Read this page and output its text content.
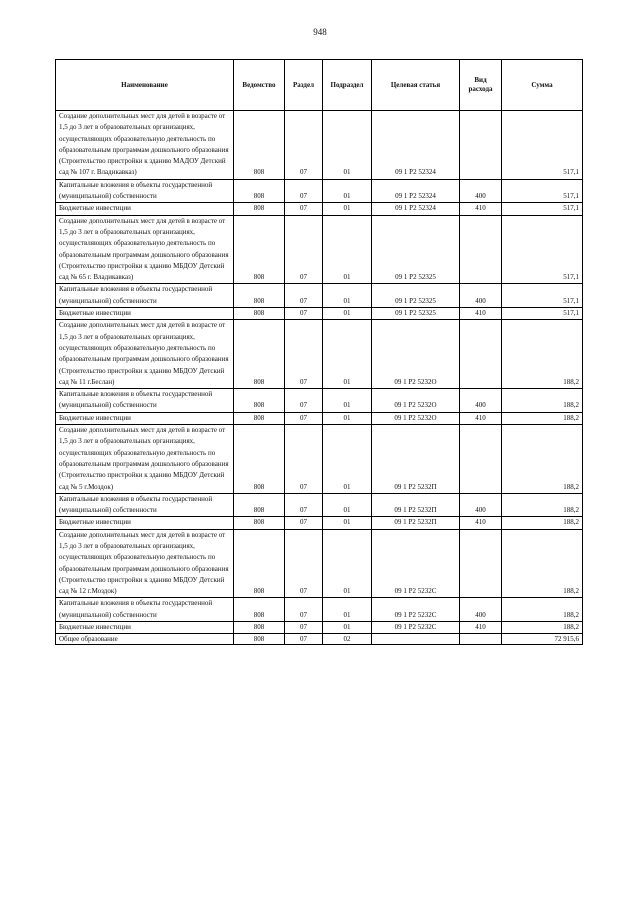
948
Наименование	Ведомство	Раздел	Подраздел	Целевая статья	Вид расхода	Сумма
Создание дополнительных мест для детей в возрасте от 1,5 до 3 лет в образовательных организациях, осуществляющих образовательную деятельность по образовательным программам дошкольного образования (Строительство пристройки к зданию МАДОУ Детский сад № 107 г. Владикавказ)	808	07	01	09 1 P2 52324		517,1
Капитальные вложения в объекты государственной (муниципальной) собственности	808	07	01	09 1 P2 52324	400	517,1
Бюджетные инвестиции	808	07	01	09 1 P2 52324	410	517,1
Создание дополнительных мест для детей в возрасте от 1,5 до 3 лет в образовательных организациях, осуществляющих образовательную деятельность по образовательным программам дошкольного образования (Строительство пристройки к зданию МБДОУ Детский сад № 65 г. Владикавказ)	808	07	01	09 1 P2 52325		517,1
Капитальные вложения в объекты государственной (муниципальной) собственности	808	07	01	09 1 P2 52325	400	517,1
Бюджетные инвестиции	808	07	01	09 1 P2 52325	410	517,1
Создание дополнительных мест для детей в возрасте от 1,5 до 3 лет в образовательных организациях, осуществляющих образовательную деятельность по образовательным программам дошкольного образования (Строительство пристройки к зданию МБДОУ Детский сад № 11 г.Беслан)	808	07	01	09 1 P2 5232О		188,2
Капитальные вложения в объекты государственной (муниципальной) собственности	808	07	01	09 1 P2 5232О	400	188,2
Бюджетные инвестиции	808	07	01	09 1 P2 5232О	410	188,2
Создание дополнительных мест для детей в возрасте от 1,5 до 3 лет в образовательных организациях, осуществляющих образовательную деятельность по образовательным программам дошкольного образования (Строительство пристройки к зданию МБДОУ Детский сад № 5 г.Моздок)	808	07	01	09 1 P2 5232П		188,2
Капитальные вложения в объекты государственной (муниципальной) собственности	808	07	01	09 1 P2 5232П	400	188,2
Бюджетные инвестиции	808	07	01	09 1 P2 5232П	410	188,2
Создание дополнительных мест для детей в возрасте от 1,5 до 3 лет в образовательных организациях, осуществляющих образовательную деятельность по образовательным программам дошкольного образования (Строительство пристройки к зданию МБДОУ Детский сад № 12 г.Моздок)	808	07	01	09 1 P2 5232С		188,2
Капитальные вложения в объекты государственной (муниципальной) собственности	808	07	01	09 1 P2 5232С	400	188,2
Бюджетные инвестиции	808	07	01	09 1 P2 5232С	410	188,2
Общее образование	808	07	02			72 915,6
